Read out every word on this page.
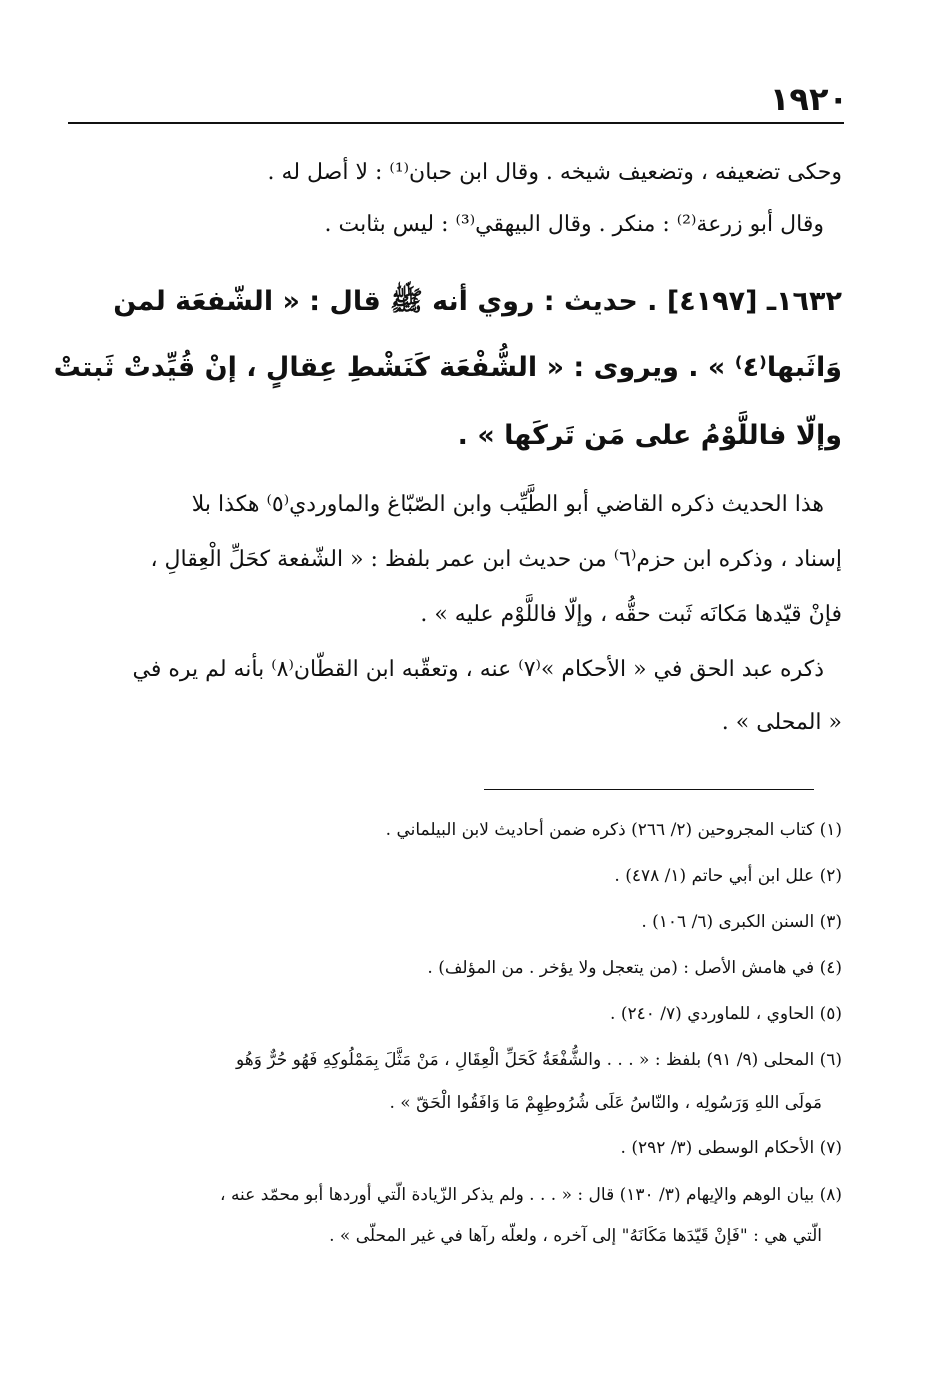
١٩٢٠
وحكى تضعيفه ، وتضعيف شيخه . وقال ابن حبان⁽¹⁾ : لا أصل له .
وقال أبو زرعة⁽²⁾ : منكر . وقال البيهقي⁽³⁾ : ليس بثابت .
١٦٣٢ـ [٤١٩٧] . حديث : روي أنه ﷺ قال : « الشّفعَة لمن
وَاثَبها⁽٤⁾ » . ويروى : « الشُّفْعَة كَنَشْطِ عِقالٍ ، إنْ قُيِّدتْ ثَبتتْ
وإلّا فاللَّوْمُ على مَن تَركَها » .
هذا الحديث ذكره القاضي أبو الطَّيِّب وابن الصّبّاغ والماوردي⁽٥⁾ هكذا بلا
إسناد ، وذكره ابن حزم⁽٦⁾ من حديث ابن عمر بلفظ : « الشّفعة كحَلِّ الْعِقالِ ،
فإنْ قيّدها مَكانَه ثَبت حقُّه ، وإلّا فاللَّوْم عليه » .
ذكره عبد الحق في « الأحكام »⁽٧⁾ عنه ، وتعقّبه ابن القطّان⁽٨⁾ بأنه لم يره في
« المحلى » .
(١) كتاب المجروحين (٢/ ٢٦٦) ذكره ضمن أحاديث لابن البيلماني .
(٢) علل ابن أبي حاتم (١/ ٤٧٨) .
(٣) السنن الكبرى (٦/ ١٠٦) .
(٤) في هامش الأصل : (من يتعجل ولا يؤخر . من المؤلف) .
(٥) الحاوي ، للماوردي (٧/ ٢٤٠) .
(٦) المحلى (٩/ ٩١) بلفظ : « . . . والشُّفْعَةُ كَحَلِّ الْعِقَالِ ، مَنْ مَثَّلَ بِمَمْلُوكِهِ فَهُو حُرٌّ وَهُو
مَولَى اللهِ وَرَسُولِه ، والنّاسُ عَلَى شُرُوطِهِمْ مَا وَافَقُوا الْحَقّ » .
(٧) الأحكام الوسطى (٣/ ٢٩٢) .
(٨) بيان الوهم والإيهام (٣/ ١٣٠) قال : « . . . ولم يذكر الزّيادة الّتي أوردها أبو محمّد عنه ،
الّتي هي : "فَإنْ قَيّدَها مَكَانَهُ" إلى آخره ، ولعلّه رآها في غير المحلّى » .
